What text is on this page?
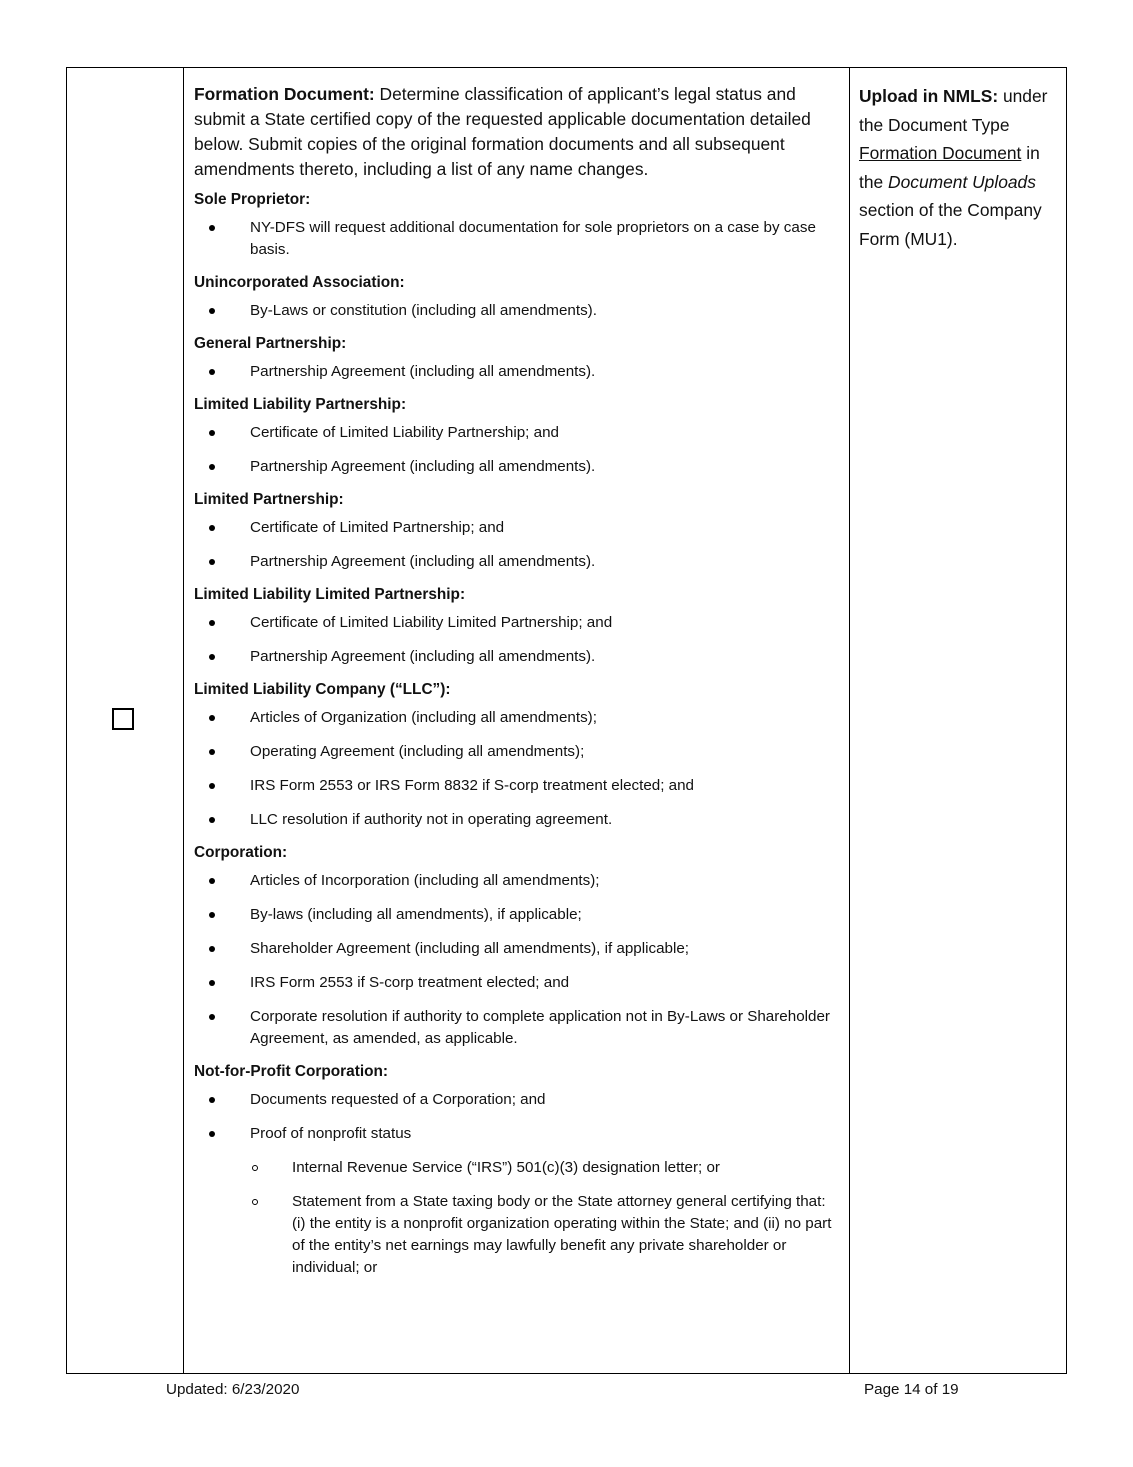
Formation Document: Determine classification of applicant’s legal status and submit a State certified copy of the requested applicable documentation detailed below. Submit copies of the original formation documents and all subsequent amendments thereto, including a list of any name changes.

Sole Proprietor:
NY-DFS will request additional documentation for sole proprietors on a case by case basis.
Unincorporated Association:
By-Laws or constitution (including all amendments).
General Partnership:
Partnership Agreement (including all amendments).
Limited Liability Partnership:
Certificate of Limited Liability Partnership; and
Partnership Agreement (including all amendments).
Limited Partnership:
Certificate of Limited Partnership; and
Partnership Agreement (including all amendments).
Limited Liability Limited Partnership:
Certificate of Limited Liability Limited Partnership; and
Partnership Agreement (including all amendments).
Limited Liability Company (“LLC”):
Articles of Organization (including all amendments);
Operating Agreement (including all amendments);
IRS Form 2553 or IRS Form 8832 if S-corp treatment elected; and
LLC resolution if authority not in operating agreement.
Corporation:
Articles of Incorporation (including all amendments);
By-laws (including all amendments), if applicable;
Shareholder Agreement (including all amendments), if applicable;
IRS Form 2553 if S-corp treatment elected; and
Corporate resolution if authority to complete application not in By-Laws or Shareholder Agreement, as amended, as applicable.
Not-for-Profit Corporation:
Documents requested of a Corporation; and
Proof of nonprofit status
Internal Revenue Service (“IRS”) 501(c)(3) designation letter; or
Statement from a State taxing body or the State attorney general certifying that: (i) the entity is a nonprofit organization operating within the State; and (ii) no part of the entity’s net earnings may lawfully benefit any private shareholder or individual; or
Upload in NMLS: under the Document Type Formation Document in the Document Uploads section of the Company Form (MU1).
Updated: 6/23/2020	Page 14 of 19
